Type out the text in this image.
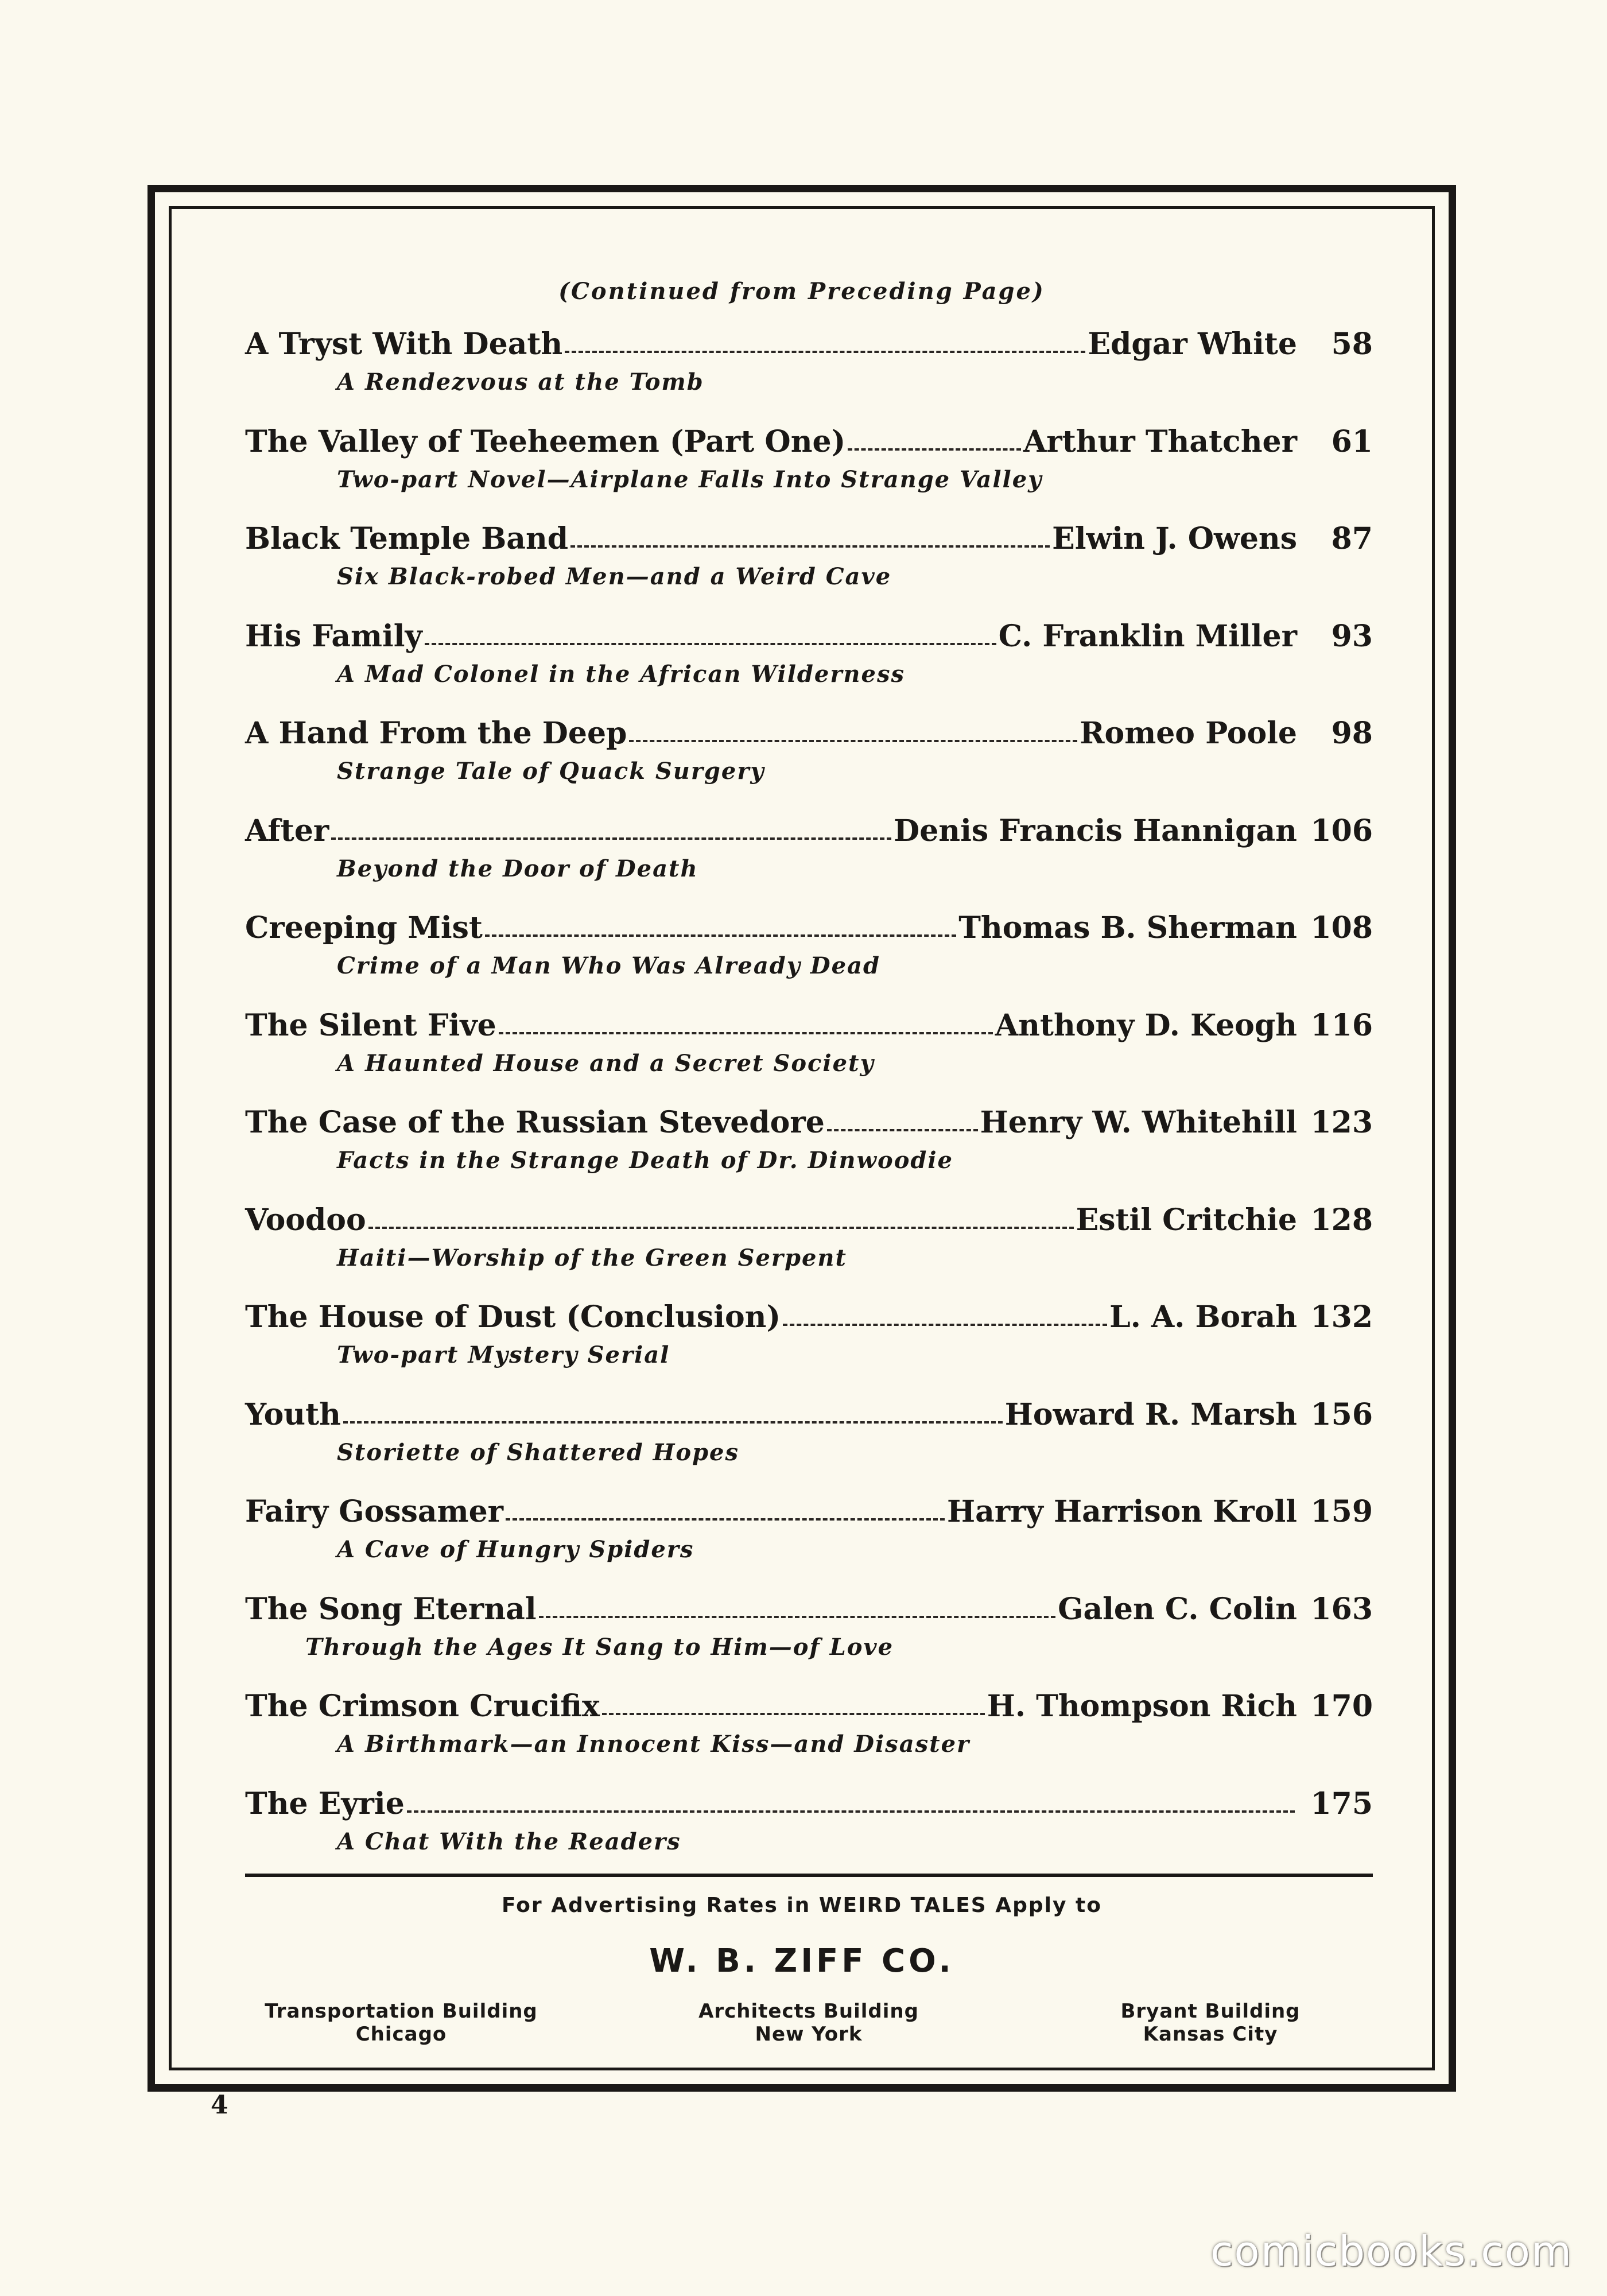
(Continued from Preceding Page)
A Tryst With Death	Edgar White	58
A Rendezvous at the Tomb
The Valley of Teeheemen (Part One)	Arthur Thatcher	61
Two-part Novel—Airplane Falls Into Strange Valley
Black Temple Band	Elwin J. Owens	87
Six Black-robed Men—and a Weird Cave
His Family	C. Franklin Miller	93
A Mad Colonel in the African Wilderness
A Hand From the Deep	Romeo Poole	98
Strange Tale of Quack Surgery
After	Denis Francis Hannigan 106
Beyond the Door of Death
Creeping Mist	Thomas B. Sherman 108
Crime of a Man Who Was Already Dead
The Silent Five	Anthony D. Keogh 116
A Haunted House and a Secret Society
The Case of the Russian Stevedore	Henry W. Whitehill 123
Facts in the Strange Death of Dr. Dinwoodie
Voodoo	Estil Critchie 128
Haiti—Worship of the Green Serpent
The House of Dust (Conclusion)	L. A. Borah 132
Two-part Mystery Serial
Youth	Howard R. Marsh 156
Storiette of Shattered Hopes
Fairy Gossamer	Harry Harrison Kroll 159
A Cave of Hungry Spiders
The Song Eternal	Galen C. Colin 163
Through the Ages It Sang to Him—of Love
The Crimson Crucifix	H. Thompson Rich 170
A Birthmark—an Innocent Kiss—and Disaster
The Eyrie	175
A Chat With the Readers
For Advertising Rates in WEIRD TALES Apply to
W. B. ZIFF CO.
Transportation Building
Chicago
Architects Building
New York
Bryant Building
Kansas City
4
comicbooks.com
